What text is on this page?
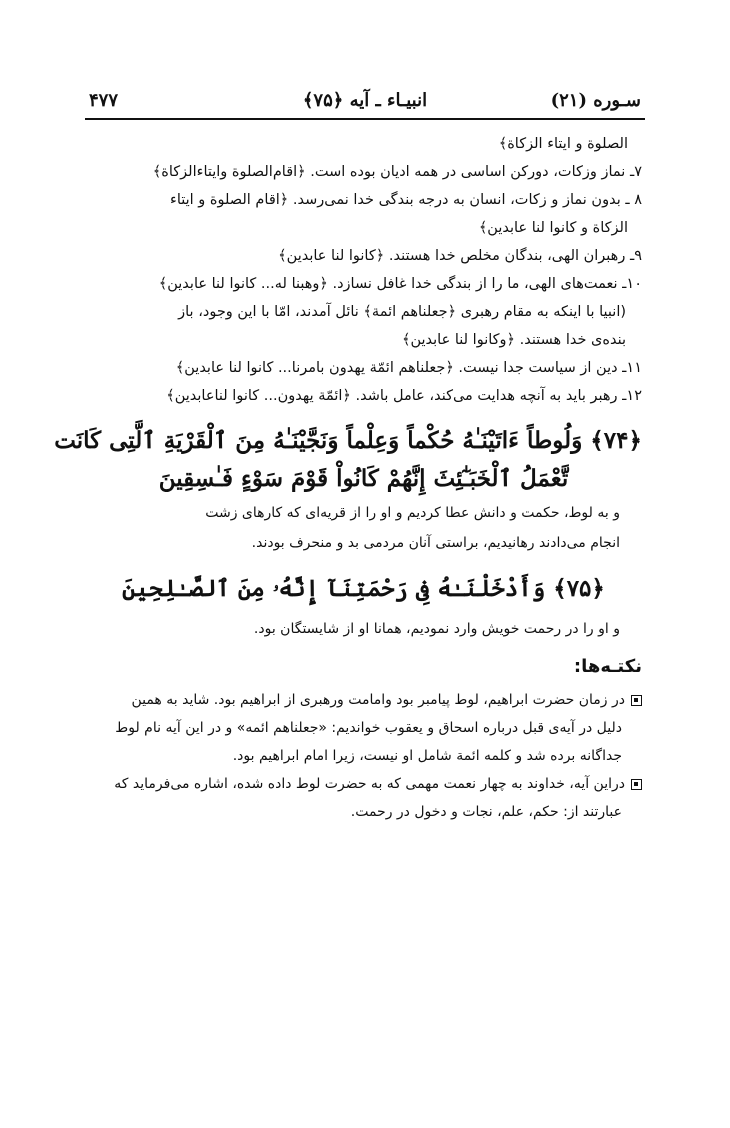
۴۷۷	انبیـاء ـ آیه ﴿۷۵﴾	سـوره (۲۱)

الصلوة و ایتاء الزکاة﴾

۷ـ نماز وزکات، دورکن اساسی در همه ادیان بوده است. ﴿اقام‌الصلوة وایتاءالزکاة﴾

۸ ـ بدون نماز و زکات، انسان به درجه بندگی خدا نمی‌رسد. ﴿اقام الصلوة و ایتاء

الزکاة و کانوا لنا عابدین﴾

۹ـ رهبران الهی، بندگان مخلص خدا هستند. ﴿کانوا لنا عابدین﴾

۱۰ـ نعمت‌های الهی، ما را از بندگی خدا غافل نسازد. ﴿وهبنا له... کانوا لنا عابدین﴾

(انبیا با اینکه به مقام رهبری ﴿جعلناهم ائمة﴾ نائل آمدند، امّا با این وجود، باز

بنده‌ی خدا هستند. ﴿وکانوا لنا عابدین﴾

۱۱ـ دین از سیاست جدا نیست. ﴿جعلناهم ائمّة یهدون بامرنا... کانوا لنا عابدین﴾

۱۲ـ رهبر باید به آنچه هدایت می‌کند، عامل باشد. ﴿ائمّة یهدون... کانوا لناعابدین﴾

﴿۷۴﴾ وَلُوطاً ءَاتَيْنَـٰهُ حُكْماً وَعِلْماً وَنَجَّيْنَـٰهُ مِنَ ٱلْقَرْيَةِ ٱلَّتِى كَانَت
تَّعْمَلُ ٱلْخَبَـٰٓئِثَ إِنَّهُمْ كَانُواْ قَوْمَ سَوْءٍ فَـٰسِقِينَ
و به لوط، حکمت و دانش عطا کردیم و او را از قریه‌ای که کارهای زشت
انجام می‌دادند رهانیدیم، براستی آنان مردمی بد و منحرف بودند.
﴿۷۵﴾ وَأَدْخَلْنَـٰهُ فِى رَحْمَتِنَآ إِنَّهُۥ مِنَ ٱلصَّـٰلِحِينَ
و او را در رحمت خویش وارد نمودیم، همانا او از شایستگان بود.
نکتـه‌ها:
در زمان حضرت ابراهیم، لوط پیامبر بود وامامت ورهبری از ابراهیم بود. شاید به همین
دلیل در آیه‌ی قبل درباره اسحاق و یعقوب خواندیم: «جعلناهم ائمه» و در این آیه نام لوط
جداگانه برده شد و کلمه ائمة شامل او نیست، زیرا امام ابراهیم بود.
دراین آیه، خداوند به چهار نعمت مهمی که به حضرت لوط داده شده، اشاره می‌فرماید که
عبارتند از: حکم، علم، نجات و دخول در رحمت.
